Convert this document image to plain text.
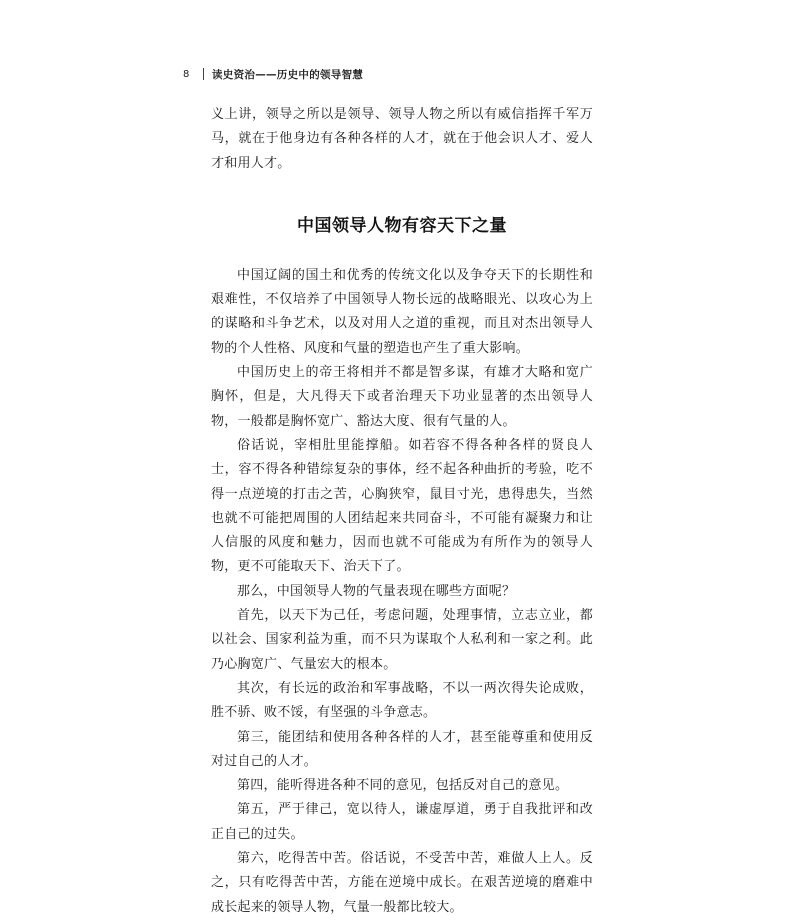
8	读史资治——历史中的领导智慧

义上讲，领导之所以是领导、领导人物之所以有威信指挥千军万马，就在于他身边有各种各样的人才，就在于他会识人才、爱人才和用人才。

中国领导人物有容天下之量

中国辽阔的国土和优秀的传统文化以及争夺天下的长期性和艰难性，不仅培养了中国领导人物长远的战略眼光、以攻心为上的谋略和斗争艺术，以及对用人之道的重视，而且对杰出领导人物的个人性格、风度和气量的塑造也产生了重大影响。

中国历史上的帝王将相并不都是智多谋，有雄才大略和宽广胸怀，但是，大凡得天下或者治理天下功业显著的杰出领导人物，一般都是胸怀宽广、豁达大度、很有气量的人。

俗话说，宰相肚里能撑船。如若容不得各种各样的贤良人士，容不得各种错综复杂的事体，经不起各种曲折的考验，吃不得一点逆境的打击之苦，心胸狭窄，鼠目寸光，患得患失，当然也就不可能把周围的人团结起来共同奋斗，不可能有凝聚力和让人信服的风度和魅力，因而也就不可能成为有所作为的领导人物，更不可能取天下、治天下了。

那么，中国领导人物的气量表现在哪些方面呢？

首先，以天下为己任，考虑问题，处理事情，立志立业，都以社会、国家利益为重，而不只为谋取个人私利和一家之利。此乃心胸宽广、气量宏大的根本。

其次，有长远的政治和军事战略，不以一两次得失论成败，胜不骄、败不馁，有坚强的斗争意志。

第三，能团结和使用各种各样的人才，甚至能尊重和使用反对过自己的人才。

第四，能听得进各种不同的意见，包括反对自己的意见。

第五，严于律己，宽以待人，谦虚厚道，勇于自我批评和改正自己的过失。

第六，吃得苦中苦。俗话说，不受苦中苦，难做人上人。反之，只有吃得苦中苦，方能在逆境中成长。在艰苦逆境的磨难中成长起来的领导人物，气量一般都比较大。
